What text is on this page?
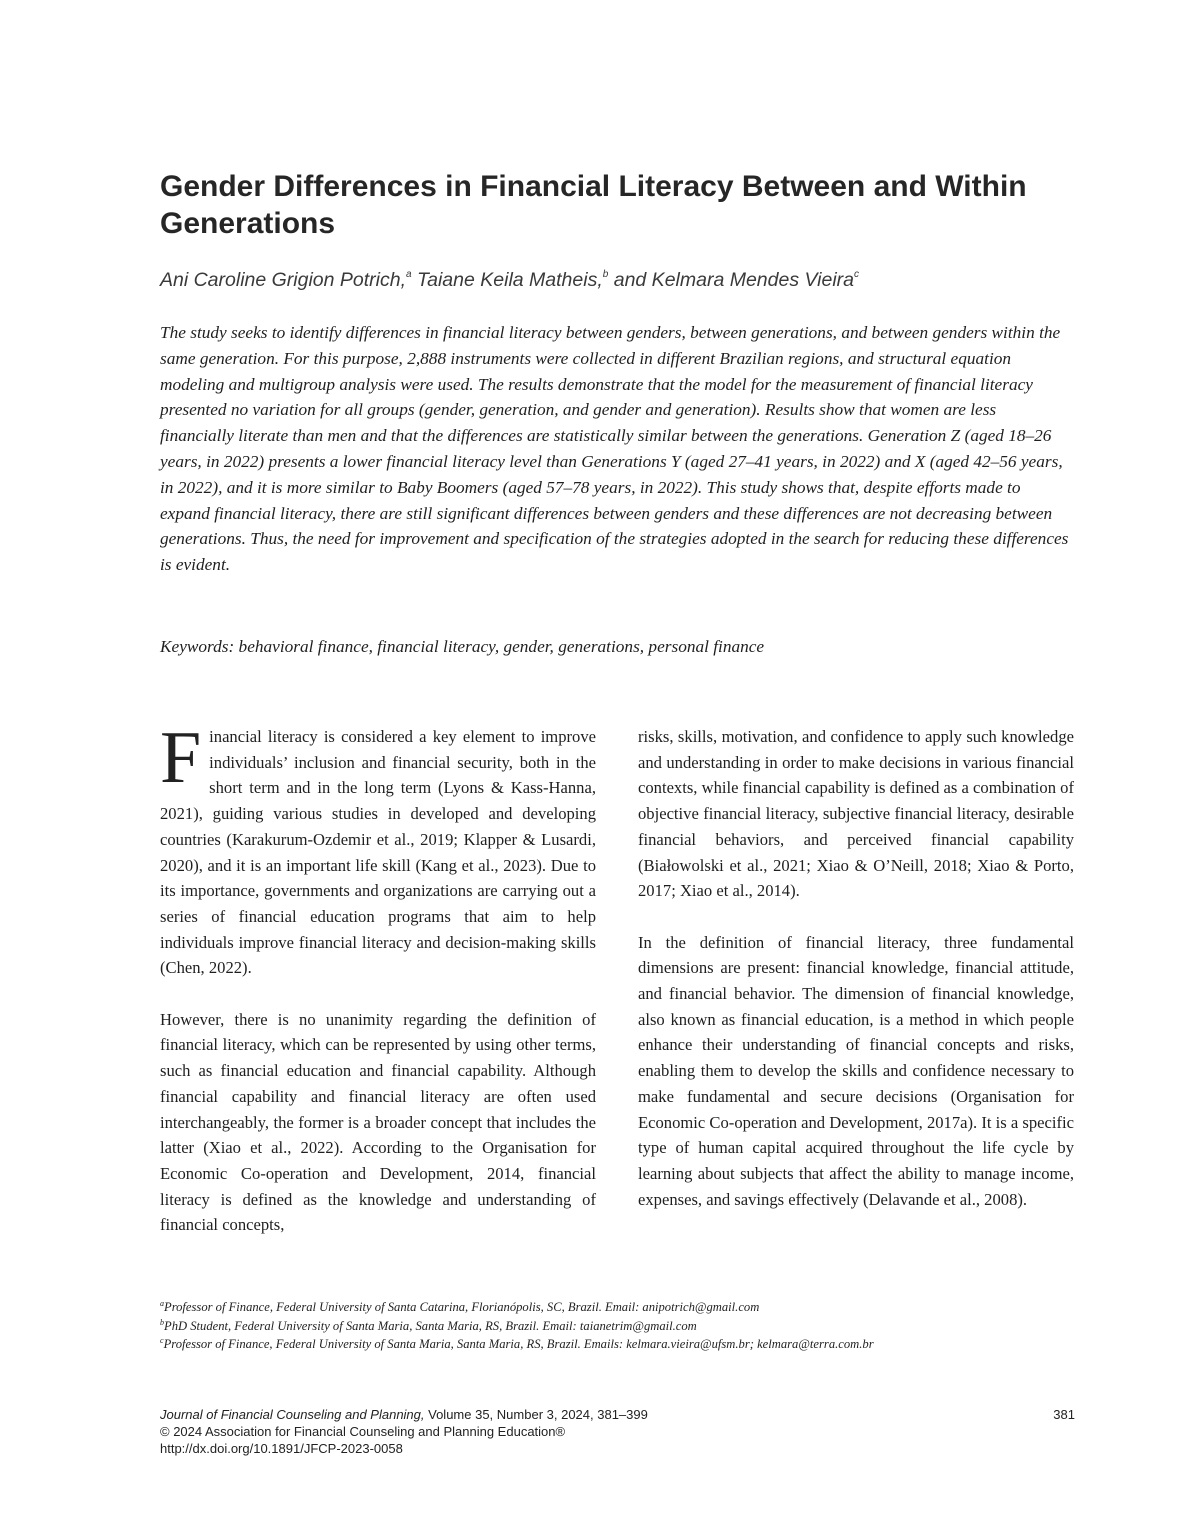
Gender Differences in Financial Literacy Between and Within Generations

Ani Caroline Grigion Potrich,$^a$ Taiane Keila Matheis,$^b$ and Kelmara Mendes Vieira$^c$

The study seeks to identify differences in financial literacy between genders, between generations, and between genders within the same generation. For this purpose, 2,888 instruments were collected in different Brazilian regions, and structural equation modeling and multigroup analysis were used. The results demonstrate that the model for the measurement of financial literacy presented no variation for all groups (gender, generation, and gender and generation). Results show that women are less financially literate than men and that the differences are statistically similar between the generations. Generation Z (aged 18–26 years, in 2022) presents a lower financial literacy level than Generations Y (aged 27–41 years, in 2022) and X (aged 42–56 years, in 2022), and it is more similar to Baby Boomers (aged 57–78 years, in 2022). This study shows that, despite efforts made to expand financial literacy, there are still significant differences between genders and these differences are not decreasing between generations. Thus, the need for improvement and specification of the strategies adopted in the search for reducing these differences is evident.

Keywords: behavioral finance, financial literacy, gender, generations, personal finance

Financial literacy is considered a key element to improve individuals’ inclusion and financial security, both in the short term and in the long term (Lyons & Kass‐Hanna, 2021), guiding various studies in developed and developing countries (Karakurum-Ozdemir et al., 2019; Klapper & Lusardi, 2020), and it is an important life skill (Kang et al., 2023). Due to its importance, governments and organizations are carrying out a series of financial education programs that aim to help individuals improve financial literacy and decision-making skills (Chen, 2022).

However, there is no unanimity regarding the definition of financial literacy, which can be represented by using other terms, such as financial education and financial capability. Although financial capability and financial literacy are often used interchangeably, the former is a broader concept that includes the latter (Xiao et al., 2022). According to the Organisation for Economic Co-operation and Development, 2014, financial literacy is defined as the knowledge and understanding of financial concepts,

risks, skills, motivation, and confidence to apply such knowledge and understanding in order to make decisions in various financial contexts, while financial capability is defined as a combination of objective financial literacy, subjective financial literacy, desirable financial behaviors, and perceived financial capability (Białowolski et al., 2021; Xiao & O’Neill, 2018; Xiao & Porto, 2017; Xiao et al., 2014).

In the definition of financial literacy, three fundamental dimensions are present: financial knowledge, financial attitude, and financial behavior. The dimension of financial knowledge, also known as financial education, is a method in which people enhance their understanding of financial concepts and risks, enabling them to develop the skills and confidence necessary to make fundamental and secure decisions (Organisation for Economic Co-operation and Development, 2017a). It is a specific type of human capital acquired throughout the life cycle by learning about subjects that affect the ability to manage income, expenses, and savings effectively (Delavande et al., 2008).

$^a$Professor of Finance, Federal University of Santa Catarina, Florianópolis, SC, Brazil. Email: anipotrich@gmail.com
$^b$PhD Student, Federal University of Santa Maria, Santa Maria, RS, Brazil. Email: taianetrim@gmail.com
$^c$Professor of Finance, Federal University of Santa Maria, Santa Maria, RS, Brazil. Emails: kelmara.vieira@ufsm.br; kelmara@terra.com.br
Journal of Financial Counseling and Planning, Volume 35, Number 3, 2024, 381–399
© 2024 Association for Financial Counseling and Planning Education®
http://dx.doi.org/10.1891/JFCP-2023-0058
381
